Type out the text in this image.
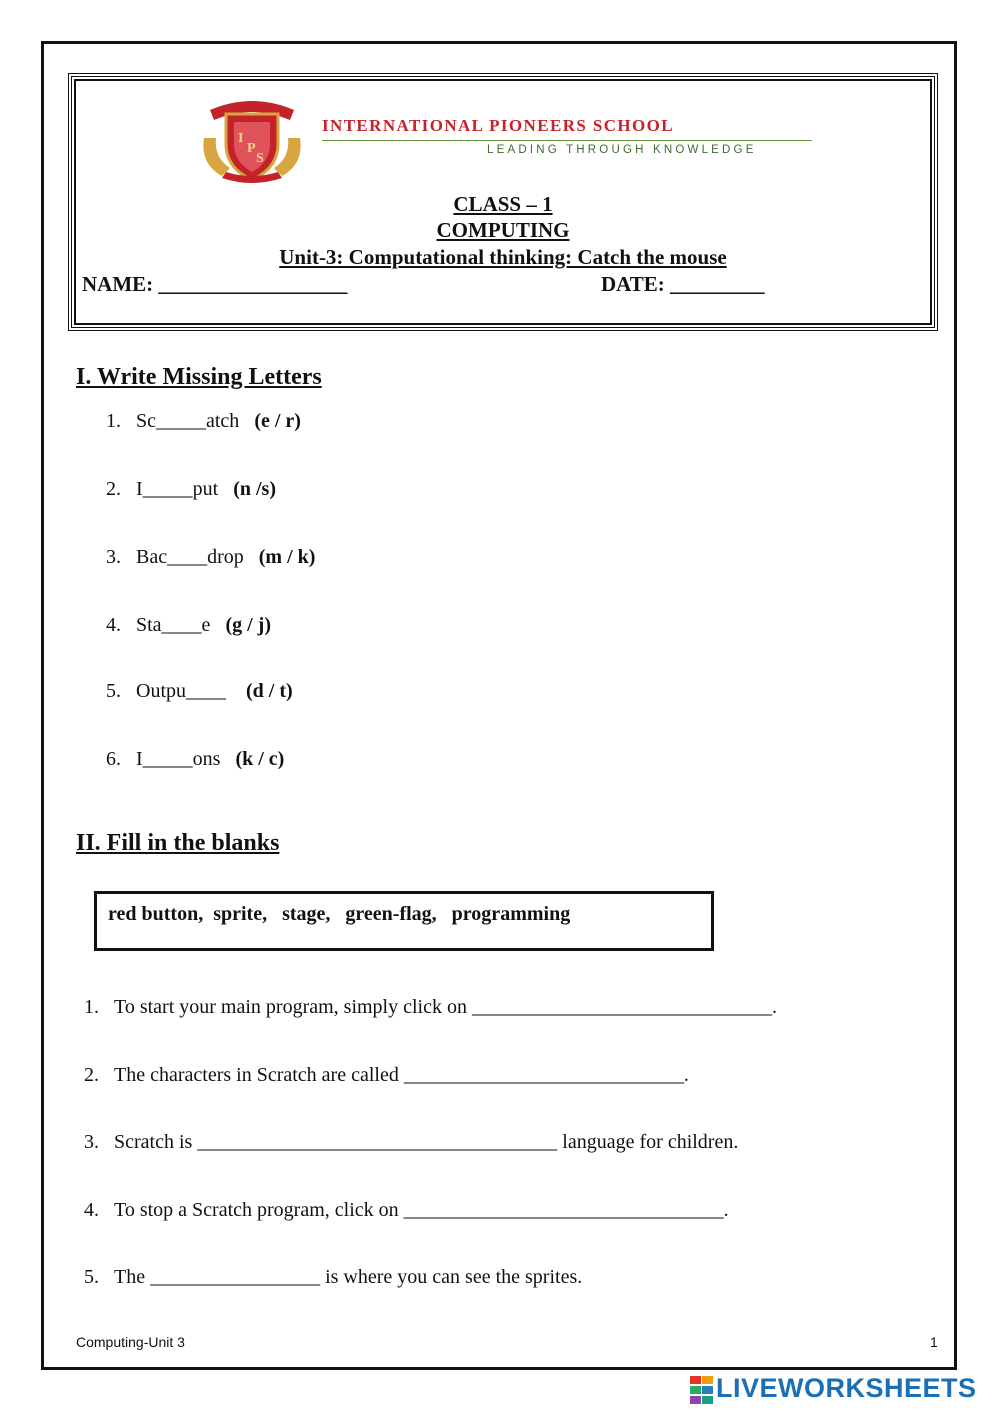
I
P
S
INTERNATIONAL PIONEERS SCHOOL
LEADING THROUGH KNOWLEDGE
CLASS – 1
COMPUTING
Unit-3: Computational thinking: Catch the mouse
NAME: __________________	DATE: _________
I. Write Missing Letters
1. Sc_____atch (e / r)
2. I_____put (n /s)
3. Bac____drop (m / k)
4. Sta____e (g / j)
5. Outpu____ (d / t)
6. I_____ons (k / c)
II. Fill in the blanks
red button,  sprite,   stage,   green-flag,   programming
1. To start your main program, simply click on ______________________________.
2. The characters in Scratch are called ____________________________.
3. Scratch is ____________________________________ language for children.
4. To stop a Scratch program, click on ________________________________.
5. The _________________ is where you can see the sprites.
Computing-Unit 3	1
LIVEWORKSHEETS
